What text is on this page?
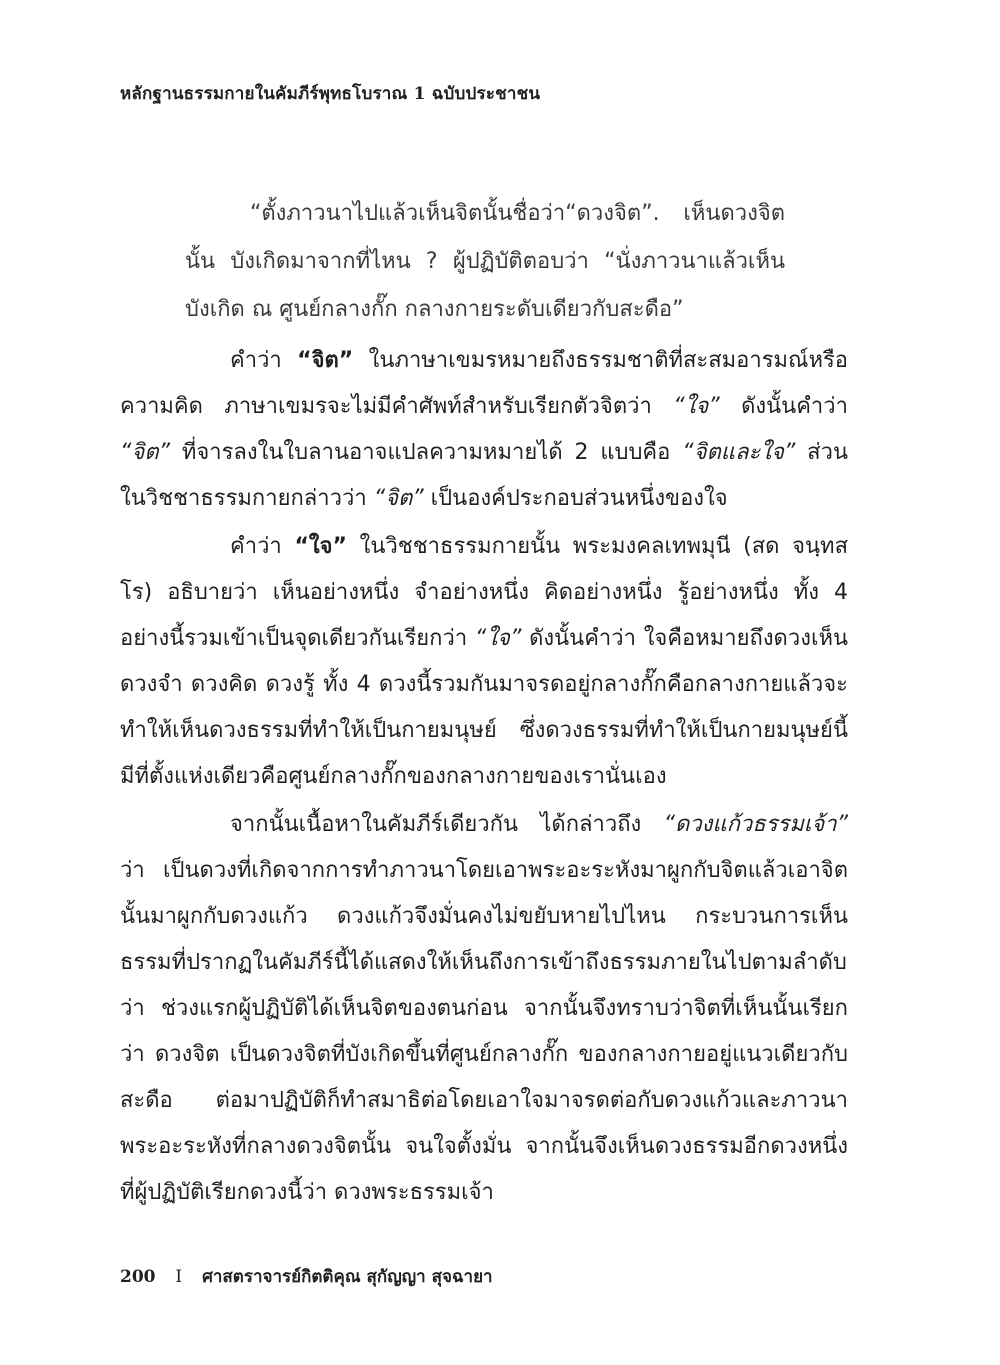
หลักฐานธรรมกายในคัมภีร์พุทธโบราณ 1 ฉบับประชาชน

“ตั้งภาวนาไปแล้วเห็นจิตนั้นชื่อว่า“ดวงจิต”. เห็นดวงจิตนั้น บังเกิดมาจากที่ไหน ? ผู้ปฏิบัติตอบว่า “นั่งภาวนาแล้วเห็นบังเกิด ณ ศูนย์กลางกั๊ก กลางกายระดับเดียวกับสะดือ”

คำว่า “จิต” ในภาษาเขมรหมายถึงธรรมชาติที่สะสมอารมณ์หรือความคิด ภาษาเขมรจะไม่มีคำศัพท์สำหรับเรียกตัวจิตว่า “ใจ” ดังนั้นคำว่า “จิต” ที่จารลงในใบลานอาจแปลความหมายได้ 2 แบบคือ “จิตและใจ” ส่วนในวิชชาธรรมกายกล่าวว่า “จิต” เป็นองค์ประกอบส่วนหนึ่งของใจ

คำว่า “ใจ” ในวิชชาธรรมกายนั้น พระมงคลเทพมุนี (สด จนฺทสโร) อธิบายว่า เห็นอย่างหนึ่ง จำอย่างหนึ่ง คิดอย่างหนึ่ง รู้อย่างหนึ่ง ทั้ง 4 อย่างนี้รวมเข้าเป็นจุดเดียวกันเรียกว่า “ใจ” ดังนั้นคำว่า ใจคือหมายถึงดวงเห็น ดวงจำ ดวงคิด ดวงรู้ ทั้ง 4 ดวงนี้รวมกันมาจรดอยู่กลางกั๊กคือกลางกายแล้วจะทำให้เห็นดวงธรรมที่ทำให้เป็นกายมนุษย์ ซึ่งดวงธรรมที่ทำให้เป็นกายมนุษย์นี้ มีที่ตั้งแห่งเดียวคือศูนย์กลางกั๊กของกลางกายของเรานั่นเอง

จากนั้นเนื้อหาในคัมภีร์เดียวกัน ได้กล่าวถึง “ดวงแก้วธรรมเจ้า” ว่า เป็นดวงที่เกิดจากการทำภาวนาโดยเอาพระอะระหังมาผูกกับจิตแล้วเอาจิตนั้นมาผูกกับดวงแก้ว ดวงแก้วจึงมั่นคงไม่ขยับหายไปไหน กระบวนการเห็นธรรมที่ปรากฏในคัมภีร์นี้ได้แสดงให้เห็นถึงการเข้าถึงธรรมภายในไปตามลำดับ ว่า ช่วงแรกผู้ปฏิบัติได้เห็นจิตของตนก่อน จากนั้นจึงทราบว่าจิตที่เห็นนั้นเรียกว่า ดวงจิต เป็นดวงจิตที่บังเกิดขึ้นที่ศูนย์กลางกั๊ก ของกลางกายอยู่แนวเดียวกับสะดือ ต่อมาปฏิบัติก็ทำสมาธิต่อโดยเอาใจมาจรดต่อกับดวงแก้วและภาวนาพระอะระหังที่กลางดวงจิตนั้น จนใจตั้งมั่น จากนั้นจึงเห็นดวงธรรมอีกดวงหนึ่งที่ผู้ปฏิบัติเรียกดวงนี้ว่า ดวงพระธรรมเจ้า

200 I ศาสตราจารย์กิตติคุณ สุกัญญา สุจฉายา
